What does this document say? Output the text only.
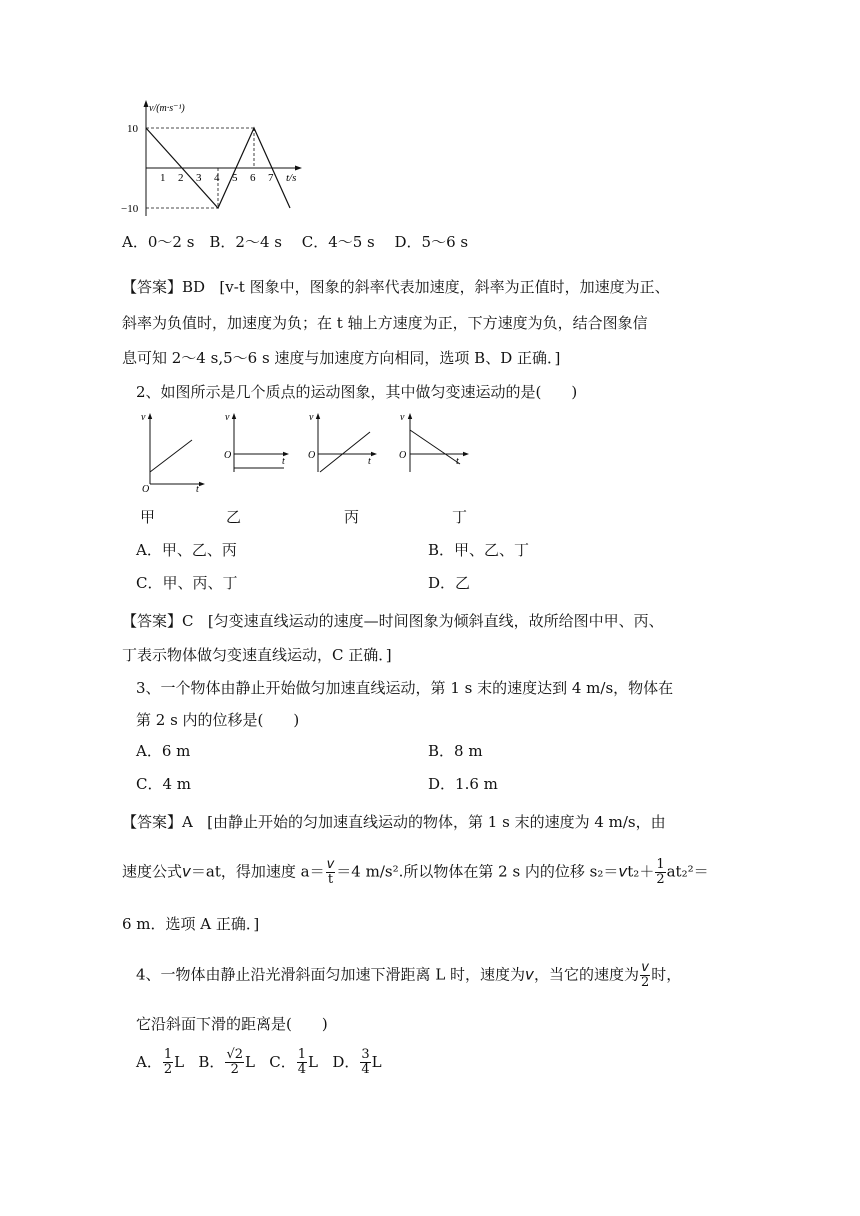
v/(m·s⁻¹)
10
−10
1 2 3 4 5 6 7 t/s
A．0～2 s　B．2～4 s　 C．4～5 s　 D．5～6 s
【答案】BD [v-t 图象中，图象的斜率代表加速度，斜率为正值时，加速度为正、
斜率为负值时，加速度为负；在 t 轴上方速度为正，下方速度为负，结合图象信
息可知 2～4 s,5～6 s 速度与加速度方向相同，选项 B、D 正确．]
2、如图所示是几个质点的运动图象，其中做匀变速运动的是(　　)
v
t
O
v
t
O
v
t
O
v
t
O
甲	乙	丙	丁
A．甲、乙、丙	B．甲、乙、丁
C．甲、丙、丁	D．乙
【答案】C [匀变速直线运动的速度—时间图象为倾斜直线，故所给图中甲、丙、
丁表示物体做匀变速直线运动，C 正确．]
3、一个物体由静止开始做匀加速直线运动，第 1 s 末的速度达到 4 m/s，物体在
第 2 s 内的位移是(　　)
A．6 m	B．8 m
C．4 m	D．1.6 m
【答案】A [由静止开始的匀加速直线运动的物体，第 1 s 末的速度为 4 m/s，由
速度公式v＝at，得加速度 $a= \frac{v}{t} =4$ m/s².所以物体在第 2 s 内的位移 $s_2=vt_2+ \frac{1}{2} at_2^2=$
6 m．选项 A 正确．]
4、一物体由静止沿光滑斜面匀加速下滑距离 L 时，速度为v，当它的速度为 $\frac{v}{2}$ 时，
它沿斜面下滑的距离是(　　)
A． $\frac{1}{2}$ L B． $\frac{√2}{2}$ L C． $\frac{1}{4}$ L D． $\frac{3}{4}$ L
